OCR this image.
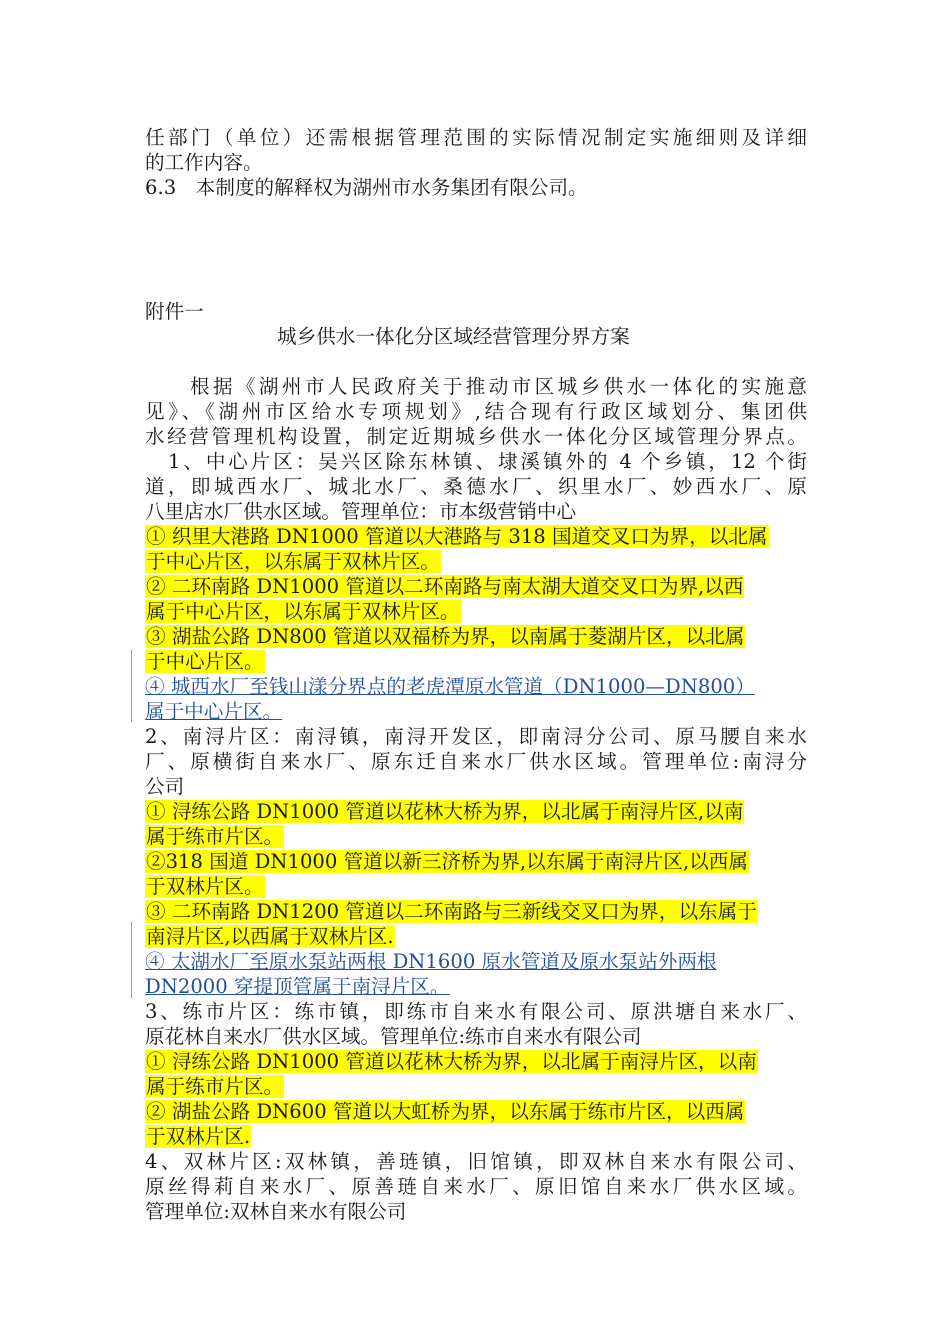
任部门（单位）还需根据管理范围的实际情况制定实施细则及详细
的工作内容。
6.3　本制度的解释权为湖州市水务集团有限公司。
附件一
城乡供水一体化分区域经营管理分界方案
根据《湖州市人民政府关于推动市区城乡供水一体化的实施意
见》、《湖州市区给水专项规划》,结合现有行政区域划分、集团供
水经营管理机构设置，制定近期城乡供水一体化分区域管理分界点。
1、中心片区：吴兴区除东林镇、埭溪镇外的 4 个乡镇，12 个街
道，即城西水厂、城北水厂、桑德水厂、织里水厂、妙西水厂、原
八里店水厂供水区域。管理单位：市本级营销中心
① 织里大港路 DN1000 管道以大港路与 318 国道交叉口为界，以北属
于中心片区，以东属于双林片区。
② 二环南路 DN1000 管道以二环南路与南太湖大道交叉口为界,以西
属于中心片区，以东属于双林片区。
③ 湖盐公路 DN800 管道以双福桥为界，以南属于菱湖片区，以北属
于中心片区。
④ 城西水厂至钱山漾分界点的老虎潭原水管道（DN1000—DN800）
属于中心片区。
2、南浔片区：南浔镇，南浔开发区，即南浔分公司、原马腰自来水
厂、原横街自来水厂、原东迁自来水厂供水区域。管理单位:南浔分
公司
① 浔练公路 DN1000 管道以花林大桥为界，以北属于南浔片区,以南
属于练市片区。
②318 国道 DN1000 管道以新三济桥为界,以东属于南浔片区,以西属
于双林片区。
③ 二环南路 DN1200 管道以二环南路与三新线交叉口为界，以东属于
南浔片区,以西属于双林片区.
④ 太湖水厂至原水泵站两根 DN1600 原水管道及原水泵站外两根
DN2000 穿提顶管属于南浔片区。
3、练市片区：练市镇，即练市自来水有限公司、原洪塘自来水厂、
原花林自来水厂供水区域。管理单位:练市自来水有限公司
① 浔练公路 DN1000 管道以花林大桥为界，以北属于南浔片区，以南
属于练市片区。
② 湖盐公路 DN600 管道以大虹桥为界，以东属于练市片区，以西属
于双林片区.
4、双林片区:双林镇，善琏镇，旧馆镇，即双林自来水有限公司、
原丝得莉自来水厂、原善琏自来水厂、原旧馆自来水厂供水区域。
管理单位:双林自来水有限公司
